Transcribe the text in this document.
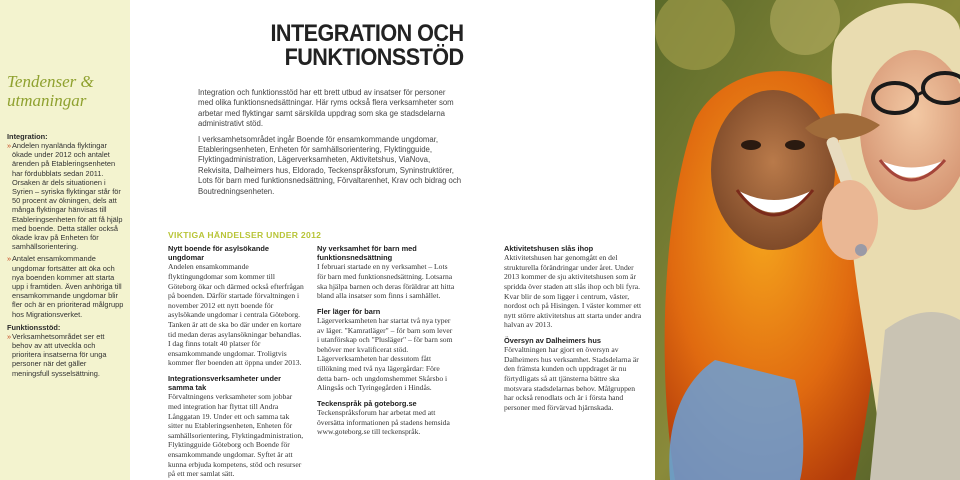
Tendenser &
utmaningar
Integration:
» Andelen nyanlända flyktingar ökade under 2012 och antalet ärenden på Etableringsenheten har fördubblats sedan 2011. Orsaken är dels situationen i Syrien – syriska flyktingar står för 50 procent av ökningen, dels att många flyktingar hänvisas till Etableringsenheten för att få hjälp med boende. Detta ställer också ökade krav på Enheten för samhällsorientering.
» Antalet ensamkommande ungdomar fortsätter att öka och nya boenden kommer att starta upp i framtiden. Även anhöriga till ensamkommande ungdomar blir fler och är en prioriterad målgrupp hos Migrationsverket.
Funktionsstöd:
» Verksamhetsområdet ser ett behov av att utveckla och prioritera insatserna för unga personer när det gäller meningsfull sysselsättning.
INTEGRATION OCH
FUNKTIONSSTÖD

Integration och funktionsstöd har ett brett utbud av insatser för personer med olika funktionsnedsättningar. Här ryms också flera verksamheter som arbetar med flyktingar samt särskilda uppdrag som ska ge stadsdelarna administrativt stöd.

I verksamhetsområdet ingår Boende för ensamkommande ungdomar, Etableringsenheten, Enheten för samhällsorientering, Flyktingguide, Flyktingadministration, Lägerverksamheten, Aktivitetshus, ViaNova, Rekvisita, Dalheimers hus, Eldorado, Teckenspråksforum, Syninstruktörer, Lots för barn med funktionsnedsättning, Förvaltarenhet, Krav och bidrag och Boutredningsenheten.

VIKTIGA HÄNDELSER UNDER 2012
Nytt boende för asylsökande ungdomar

Andelen ensamkommande flyktingungdomar som kommer till Göteborg ökar och därmed också efterfrågan på boenden. Därför startade förvaltningen i november 2012 ett nytt boende för asylsökande ungdomar i centrala Göteborg. Tanken är att de ska bo där under en kortare tid medan deras asylansökningar behandlas. I dag finns totalt 40 platser för ensamkommande ungdomar. Troligtvis kommer fler boenden att öppna under 2013.

Integrationsverksamheter under samma tak

Förvaltningens verksamheter som jobbar med integration har flyttat till Andra Långgatan 19. Under ett och samma tak sitter nu Etableringsenheten, Enheten för samhällsorientering, Flyktingadministration, Flyktingguide Göteborg och Boende för ensamkommande ungdomar. Syftet är att kunna erbjuda kompetens, stöd och resurser på ett mer samlat sätt.

Ny verksamhet för barn med funktionsnedsättning

I februari startade en ny verksamhet – Lots för barn med funktionsnedsättning. Lotsarna ska hjälpa barnen och deras föräldrar att hitta bland alla insatser som finns i samhället.

Fler läger för barn

Lägerverksamheten har startat två nya typer av läger. "Kamratläger" – för barn som lever i utanförskap och "Plusläger" – för barn som behöver mer kvalificerat stöd. Lägerverksamheten har dessutom fått tillökning med två nya lägergårdar: Före detta barn- och ungdomshemmet Skårsbo i Alingsås och Tyringegården i Hindås.

Teckenspråk på goteborg.se

Teckenspråksforum har arbetat med att översätta informationen på stadens hemsida www.goteborg.se till teckenspråk.

Aktivitetshusen slås ihop

Aktivitetshusen har genomgått en del strukturella förändringar under året. Under 2013 kommer de sju aktivitetshusen som är spridda över staden att slås ihop och bli fyra. Kvar blir de som ligger i centrum, väster, nordost och på Hisingen. I väster kommer ett nytt större aktivitetshus att starta under andra halvan av 2013.

Översyn av Dalheimers hus

Förvaltningen har gjort en översyn av Dalheimers hus verksamhet. Stadsdelarna är den främsta kunden och uppdraget är nu förtydligats så att tjänsterna bättre ska motsvara stadsdelarnas behov. Målgruppen har också renodlats och är i första hand personer med förvärvad hjärnskada.
